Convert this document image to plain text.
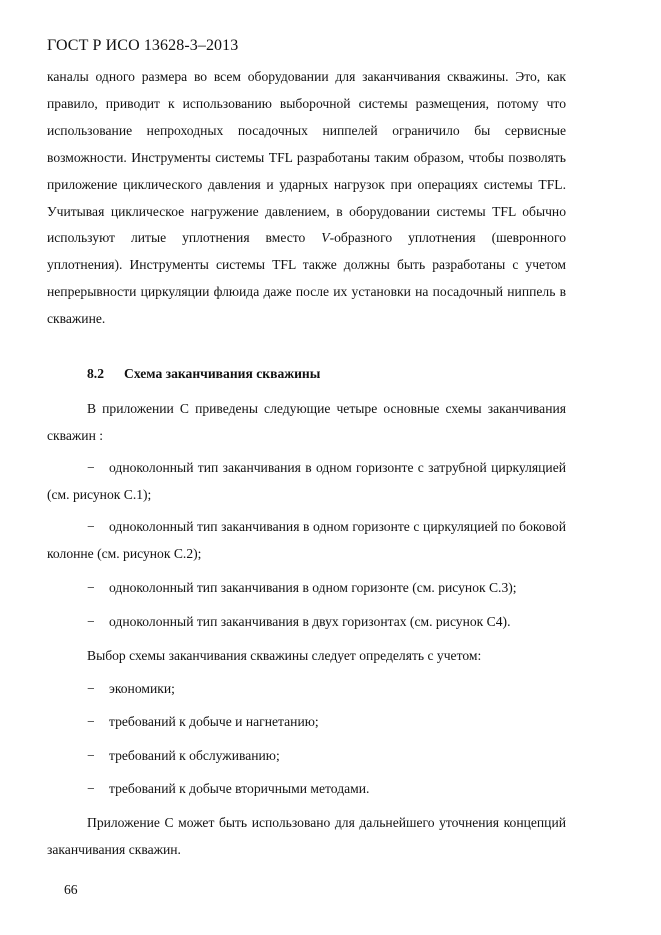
ГОСТ Р ИСО 13628-3–2013

каналы одного размера во всем оборудовании для заканчивания скважины. Это, как правило, приводит к использованию выборочной системы размещения, потому что использование непроходных посадочных ниппелей ограничило бы сервисные возможности. Инструменты системы TFL разработаны таким образом, чтобы позволять приложение циклического давления и ударных нагрузок при операциях системы TFL. Учитывая циклическое нагружение давлением, в оборудовании системы TFL обычно используют литые уплотнения вместо V-образного уплотнения (шевронного уплотнения). Инструменты системы TFL также должны быть разработаны с учетом непрерывности циркуляции флюида даже после их установки на посадочный ниппель в скважине.

8.2 Схема заканчивания скважины

В приложении С приведены следующие четыре основные схемы заканчивания скважин :

− одноколонный тип заканчивания в одном горизонте с затрубной циркуляцией (см. рисунок С.1);

− одноколонный тип заканчивания в одном горизонте с циркуляцией по боковой колонне (см. рисунок С.2);

− одноколонный тип заканчивания в одном горизонте (см. рисунок С.3);

− одноколонный тип заканчивания в двух горизонтах (см. рисунок С4).

Выбор схемы заканчивания скважины следует определять с учетом:

− экономики;

− требований к добыче и нагнетанию;

− требований к обслуживанию;

− требований к добыче вторичными методами.

Приложение С может быть использовано для дальнейшего уточнения концепций заканчивания скважин.

66
